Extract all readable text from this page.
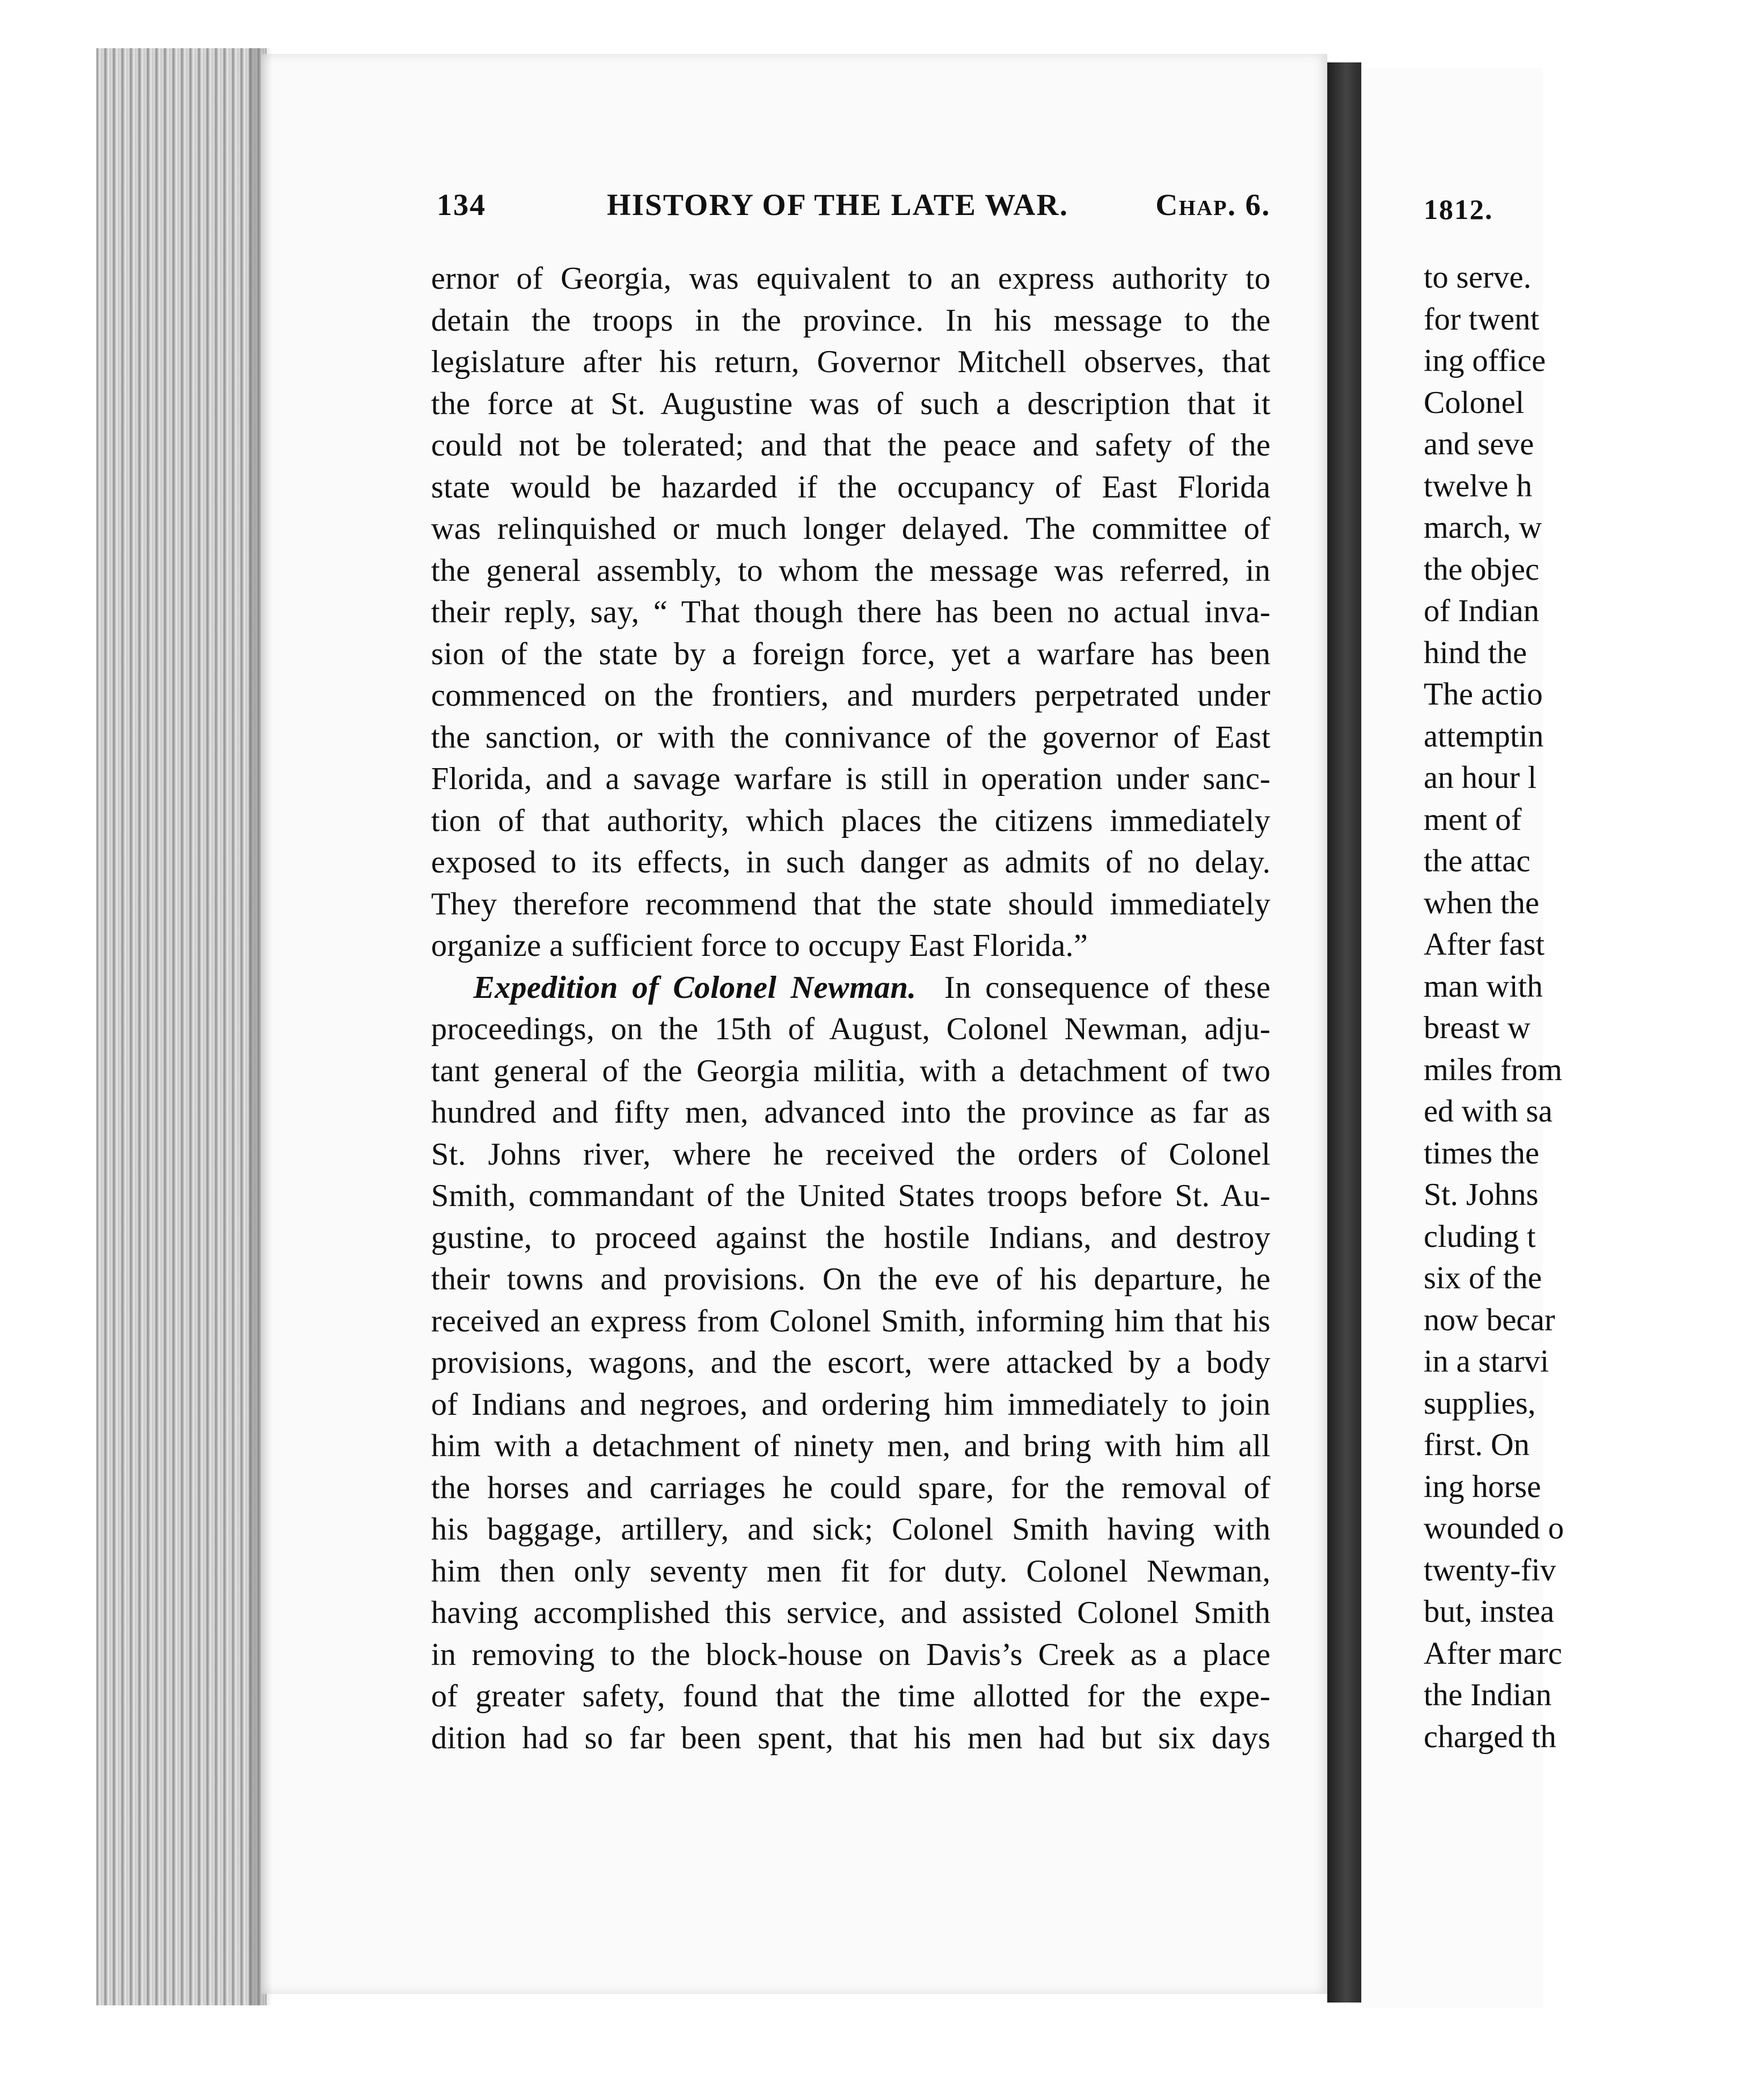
134	HISTORY OF THE LATE WAR.	Chap. 6.
ernor of Georgia, was equivalent to an express authority to
detain the troops in the province. In his message to the
legislature after his return, Governor Mitchell observes, that
the force at St. Augustine was of such a description that it
could not be tolerated; and that the peace and safety of the
state would be hazarded if the occupancy of East Florida
was relinquished or much longer delayed. The committee of
the general assembly, to whom the message was referred, in
their reply, say, “ That though there has been no actual inva-
sion of the state by a foreign force, yet a warfare has been
commenced on the frontiers, and murders perpetrated under
the sanction, or with the connivance of the governor of East
Florida, and a savage warfare is still in operation under sanc-
tion of that authority, which places the citizens immediately
exposed to its effects, in such danger as admits of no delay.
They therefore recommend that the state should immediately
organize a sufficient force to occupy East Florida.”
Expedition of Colonel Newman. In consequence of these
proceedings, on the 15th of August, Colonel Newman, adju-
tant general of the Georgia militia, with a detachment of two
hundred and fifty men, advanced into the province as far as
St. Johns river, where he received the orders of Colonel
Smith, commandant of the United States troops before St. Au-
gustine, to proceed against the hostile Indians, and destroy
their towns and provisions. On the eve of his departure, he
received an express from Colonel Smith, informing him that his
provisions, wagons, and the escort, were attacked by a body
of Indians and negroes, and ordering him immediately to join
him with a detachment of ninety men, and bring with him all
the horses and carriages he could spare, for the removal of
his baggage, artillery, and sick; Colonel Smith having with
him then only seventy men fit for duty. Colonel Newman,
having accomplished this service, and assisted Colonel Smith
in removing to the block-house on Davis’s Creek as a place
of greater safety, found that the time allotted for the expe-
dition had so far been spent, that his men had but six days
1812.
to serve.
for twent
ing office
Colonel
and seve
twelve h
march, w
the objec
of Indian
hind the
The actio
attemptin
an hour l
ment of
the attac
when the
After fast
man with
breast w
miles from
ed with sa
times the
St. Johns
cluding t
six of the
now becar
in a starvi
supplies,
first. On
ing horse
wounded o
twenty-fiv
but, instea
After marc
the Indian
charged th
